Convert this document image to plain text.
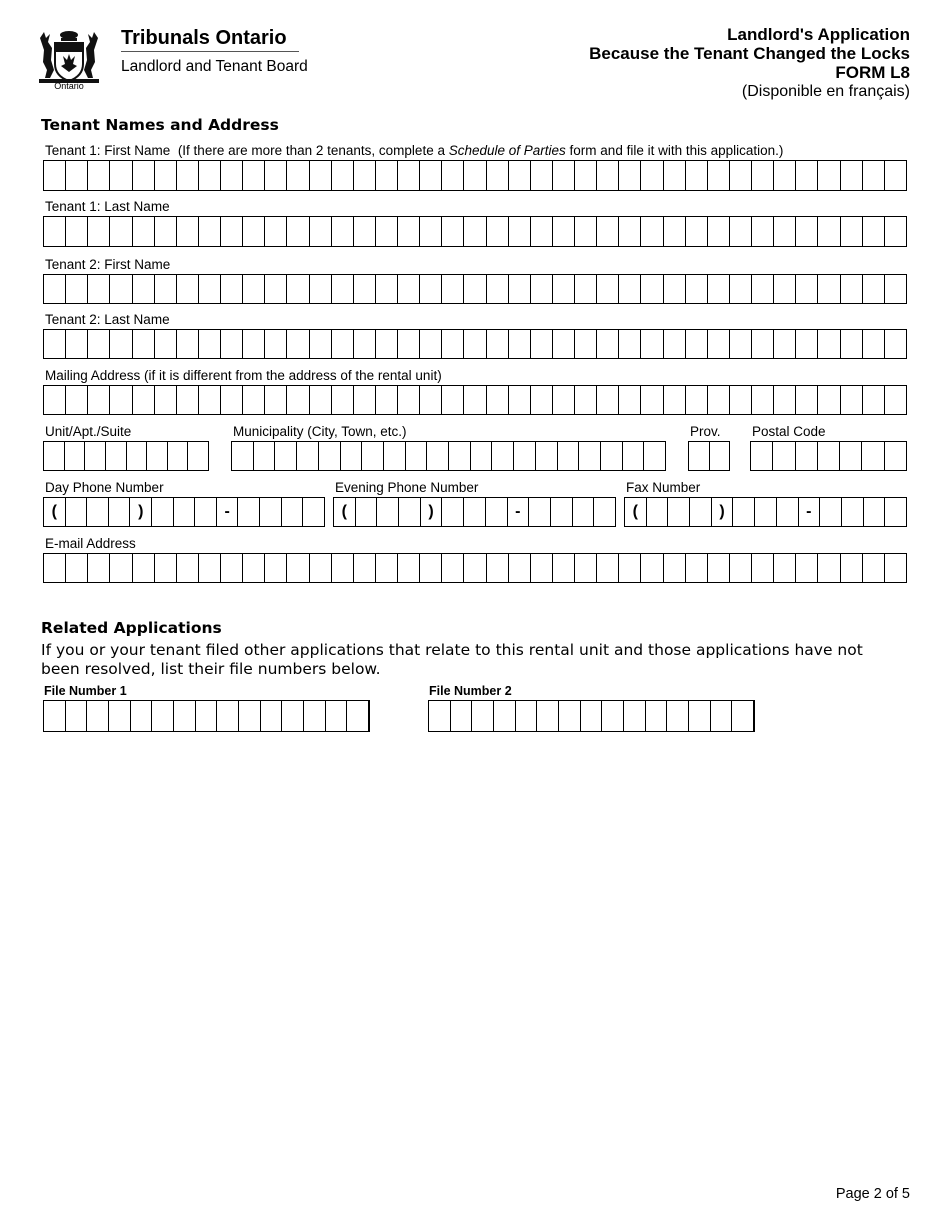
Ontario
Tribunals Ontario
Landlord and Tenant Board
Landlord's Application
Because the Tenant Changed the Locks
FORM L8
(Disponible en français)
Tenant Names and Address
Tenant 1: First Name (If there are more than 2 tenants, complete a Schedule of Parties form and file it with this application.)
Tenant 1: Last Name
Tenant 2: First Name
Tenant 2: Last Name
Mailing Address (if it is different from the address of the rental unit)
Unit/Apt./Suite	Municipality (City, Town, etc.)	Prov. Postal Code
Day Phone Number	Evening Phone Number	Fax Number
(	)	-	(	)	-	(	)	-
E-mail Address
Related Applications
If you or your tenant filed other applications that relate to this rental unit and those applications have not been resolved, list their file numbers below.
File Number 1	File Number 2
Page 2 of 5
